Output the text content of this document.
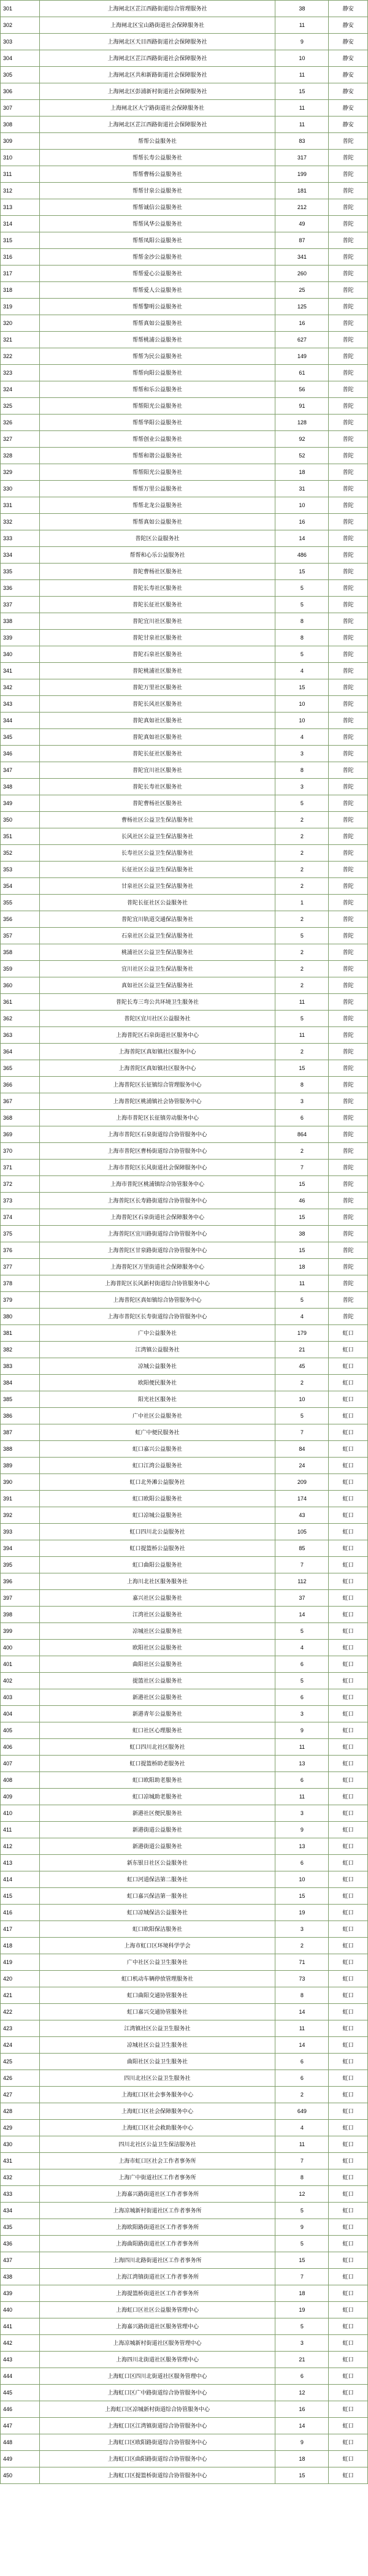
301	上海闸北区芷江西路街道综合管理服务社	38	静安
302	上海闸北区宝山路街道社会保障服务社	11	静安
303	上海闸北区天目西路街道社会保障服务社	9	静安
304	上海闸北区芷江西路街道社会保障服务社	10	静安
305	上海闸北区共和新路街道社会保障服务社	11	静安
306	上海闸北区彭浦新村街道社会保障服务社	15	静安
307	上海闸北区大宁路街道社会保障服务社	11	静安
308	上海闸北区芷江西路街道社会保障服务社	11	静安
309	帮帮公益服务社	83	普陀
310	帮帮长寿公益服务社	317	普陀
311	帮帮曹杨公益服务社	199	普陀
312	帮帮甘泉公益服务社	181	普陀
313	帮帮诚信公益服务社	212	普陀
314	帮帮风华公益服务社	49	普陀
315	帮帮凤阳公益服务社	87	普陀
316	帮帮金沙公益服务社	341	普陀
317	帮帮爱心公益服务社	260	普陀
318	帮帮爱人公益服务社	25	普陀
319	帮帮黎明公益服务社	125	普陀
320	帮帮真如公益服务社	16	普陀
321	帮帮桃浦公益服务社	627	普陀
322	帮帮为民公益服务社	149	普陀
323	帮帮向阳公益服务社	61	普陀
324	帮帮和乐公益服务社	56	普陀
325	帮帮阳光公益服务社	91	普陀
326	帮帮华阳公益服务社	128	普陀
327	帮帮创业公益服务社	92	普陀
328	帮帮和谐公益服务社	52	普陀
329	帮帮阳光公益服务社	18	普陀
330	帮帮万里公益服务社	31	普陀
331	帮帮北龙公益服务社	10	普陀
332	帮帮真如公益服务社	16	普陀
333	普陀区公益服务社	14	普陀
334	帮帮和心乐公益服务社	486	普陀
335	普陀曹杨社区服务社	15	普陀
336	普陀长寿社区服务社	5	普陀
337	普陀长征社区服务社	5	普陀
338	普陀宜川社区服务社	8	普陀
339	普陀甘泉社区服务社	8	普陀
340	普陀石泉社区服务社	5	普陀
341	普陀桃浦社区服务社	4	普陀
342	普陀万里社区服务社	15	普陀
343	普陀长风社区服务社	10	普陀
344	普陀真如社区服务社	10	普陀
345	普陀真如社区服务社	4	普陀
346	普陀长征社区服务社	3	普陀
347	普陀宜川社区服务社	8	普陀
348	普陀长寿社区服务社	3	普陀
349	普陀曹杨社区服务社	5	普陀
350	曹杨社区公益卫生保洁服务社	2	普陀
351	长风社区公益卫生保洁服务社	2	普陀
352	长寿社区公益卫生保洁服务社	2	普陀
353	长征社区公益卫生保洁服务社	2	普陀
354	甘泉社区公益卫生保洁服务社	2	普陀
355	普陀长征社区公益服务社	1	普陀
356	普陀宜川轨道交通保洁服务社	2	普陀
357	石泉社区公益卫生保洁服务社	5	普陀
358	桃浦社区公益卫生保洁服务社	2	普陀
359	宜川社区公益卫生保洁服务社	2	普陀
360	真如社区公益卫生保洁服务社	2	普陀
361	普陀长寿三弯公共环境卫生服务社	11	普陀
362	普陀区宜川社区公益服务社	5	普陀
363	上海普陀区石泉街道社区服务中心	11	普陀
364	上海普陀区真如镇社区服务中心	2	普陀
365	上海普陀区真如镇社区服务中心	15	普陀
366	上海普陀区长征镇综合管理服务中心	8	普陀
367	上海普陀区桃浦镇社会协管服务中心	3	普陀
368	上海市普陀区长征镇劳动服务中心	6	普陀
369	上海市普陀区石泉街道综合协管服务中心	864	普陀
370	上海市普陀区曹杨街道综合协管服务中心	2	普陀
371	上海市普陀区长风街道社会保障服务中心	7	普陀
372	上海市普陀区桃浦镇综合协管服务中心	15	普陀
373	上海普陀区长寿路街道综合协管服务中心	46	普陀
374	上海普陀区石泉街道社会保障服务中心	15	普陀
375	上海普陀区宜川路街道综合协管服务中心	38	普陀
376	上海普陀区甘泉路街道综合协管服务中心	15	普陀
377	上海普陀区万里街道社会保障服务中心	18	普陀
378	上海普陀区长风新村街道综合协管服务中心	11	普陀
379	上海普陀区真如镇综合协管服务中心	5	普陀
380	上海市普陀区长寿街道综合协管服务中心	4	普陀
381	广中公益服务社	179	虹口
382	江湾镇公益服务社	21	虹口
383	凉城公益服务社	45	虹口
384	欧阳便民服务社	2	虹口
385	阳光社区服务社	10	虹口
386	广中社区公益服务社	5	虹口
387	虹广中便民服务社	7	虹口
388	虹口嘉兴公益服务社	84	虹口
389	虹口江湾公益服务社	24	虹口
390	虹口北外滩公益服务社	209	虹口
391	虹口欧阳公益服务社	174	虹口
392	虹口凉城公益服务社	43	虹口
393	虹口四川北公益服务社	105	虹口
394	虹口提篮桥公益服务社	85	虹口
395	虹口曲阳公益服务社	7	虹口
396	上海川北社区服务服务社	112	虹口
397	嘉兴社区公益服务社	37	虹口
398	江湾社区公益服务社	14	虹口
399	凉城社区公益服务社	5	虹口
400	欧阳社区公益服务社	4	虹口
401	曲阳社区公益服务社	6	虹口
402	提篮社区公益服务社	5	虹口
403	新港社区公益服务社	6	虹口
404	新港青年公益服务社	3	虹口
405	虹口社区心理服务社	9	虹口
406	虹口四川北社区服务社	11	虹口
407	虹口提篮桥助老服务社	13	虹口
408	虹口欧阳助老服务社	6	虹口
409	虹口凉城助老服务社	11	虹口
410	新港社区便民服务社	3	虹口
411	新港街道公益服务社	9	虹口
412	新港街道公益服务社	13	虹口
413	新东银日社区公益服务社	6	虹口
414	虹口河道保洁第二服务社	10	虹口
415	虹口嘉兴保洁第一服务社	15	虹口
416	虹口凉城保洁公益服务社	19	虹口
417	虹口欧阳保洁服务社	3	虹口
418	上海市虹口区环境科学学会	2	虹口
419	广中社区公益卫生服务社	71	虹口
420	虹口机动车辆停放管理服务社	73	虹口
421	虹口曲阳交通协管服务社	8	虹口
422	虹口嘉兴交通协管服务社	14	虹口
423	江湾镇社区公益卫生服务社	11	虹口
424	凉城社区公益卫生服务社	14	虹口
425	曲阳社区公益卫生服务社	6	虹口
426	四川北社区公益卫生服务社	6	虹口
427	上海虹口区社会事务服务中心	2	虹口
428	上海虹口区社会保障服务中心	649	虹口
429	上海虹口区社会救助服务中心	4	虹口
430	四川北社区公益卫生保洁服务社	11	虹口
431	上海市虹口区社会工作者事务所	7	虹口
432	上海广中街道社区工作者事务所	8	虹口
433	上海嘉兴路街道社区工作者事务所	12	虹口
434	上海凉城新村街道社区工作者事务所	5	虹口
435	上海欧阳路街道社区工作者事务所	9	虹口
436	上海曲阳路街道社区工作者事务所	5	虹口
437	上海四川北路街道社区工作者事务所	15	虹口
438	上海江湾镇街道社区工作者事务所	7	虹口
439	上海提篮桥街道社区工作者事务所	18	虹口
440	上海虹口区社区公益服务管理中心	19	虹口
441	上海嘉兴路街道社区服务管理中心	5	虹口
442	上海凉城新村街道社区服务管理中心	3	虹口
443	上海四川北街道社区服务管理中心	21	虹口
444	上海虹口区四川北街道社区服务管理中心	6	虹口
445	上海虹口区广中路街道综合协管服务中心	12	虹口
446	上海虹口区凉城新村街道综合协管服务中心	16	虹口
447	上海虹口区江湾镇街道综合协管服务中心	14	虹口
448	上海虹口区欧阳路街道综合协管服务中心	9	虹口
449	上海虹口区曲阳路街道综合协管服务中心	18	虹口
450	上海虹口区提篮桥街道综合协管服务中心	15	虹口
